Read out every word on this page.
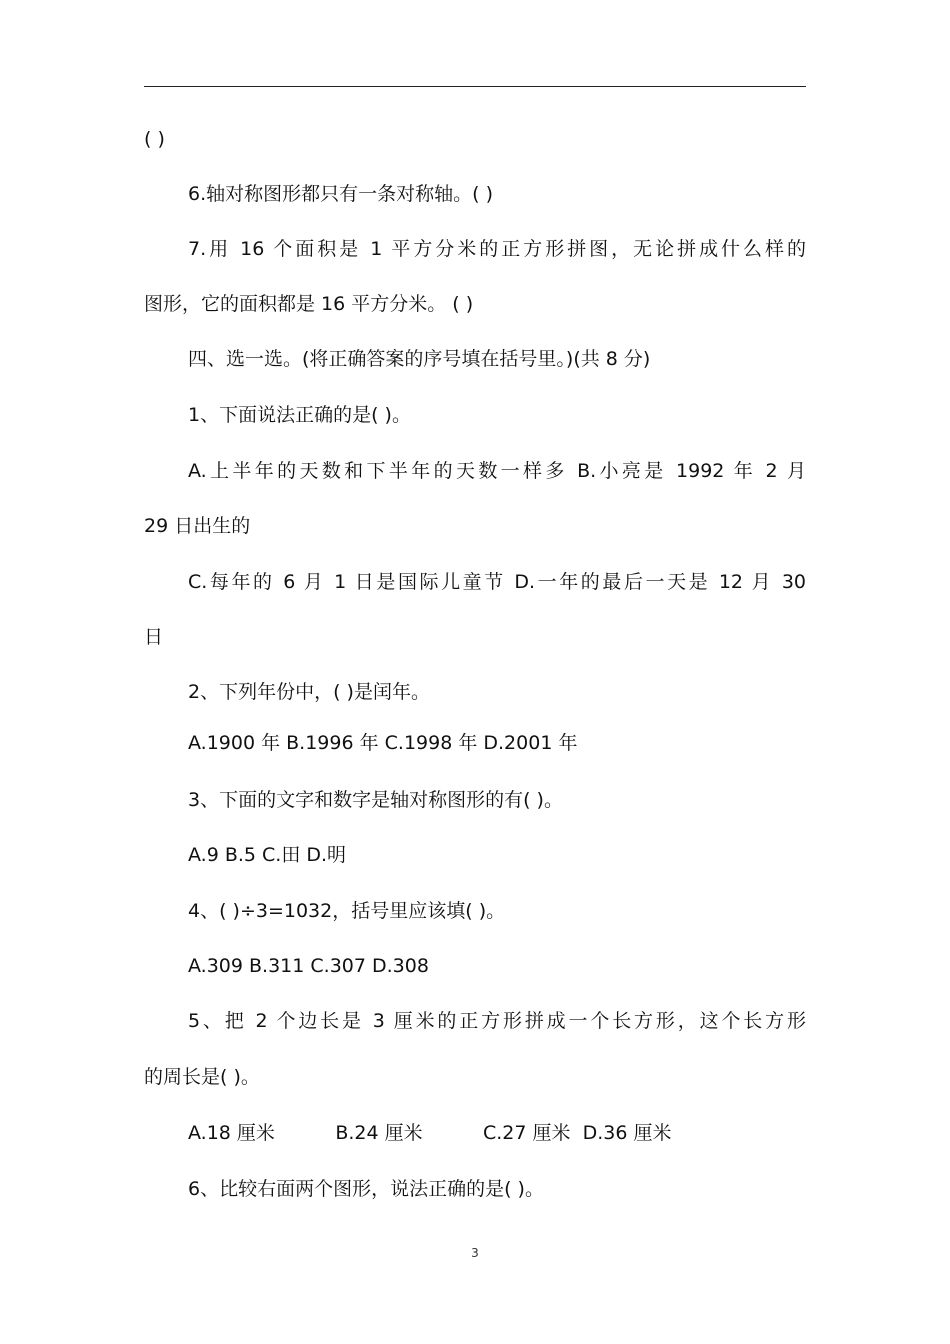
( )
6.轴对称图形都只有一条对称轴。( )
7.用 16 个面积是 1 平方分米的正方形拼图，无论拼成什么样的
图形，它的面积都是 16 平方分米。 ( )
四、选一选。(将正确答案的序号填在括号里。)(共 8 分)
1、下面说法正确的是( )。
A.上半年的天数和下半年的天数一样多 B.小亮是 1992 年 2 月
29 日出生的
C.每年的 6 月 1 日是国际儿童节 D.一年的最后一天是 12 月 30
日
2、下列年份中，( )是闰年。
A.1900 年 B.1996 年 C.1998 年 D.2001 年
3、下面的文字和数字是轴对称图形的有( )。
A.9 B.5 C.田 D.明
4、( )÷3=1032，括号里应该填( )。
A.309 B.311 C.307 D.308
5、把 2 个边长是 3 厘米的正方形拼成一个长方形，这个长方形
的周长是( )。
A.18 厘米          B.24 厘米          C.27 厘米  D.36 厘米
6、比较右面两个图形，说法正确的是( )。
3
